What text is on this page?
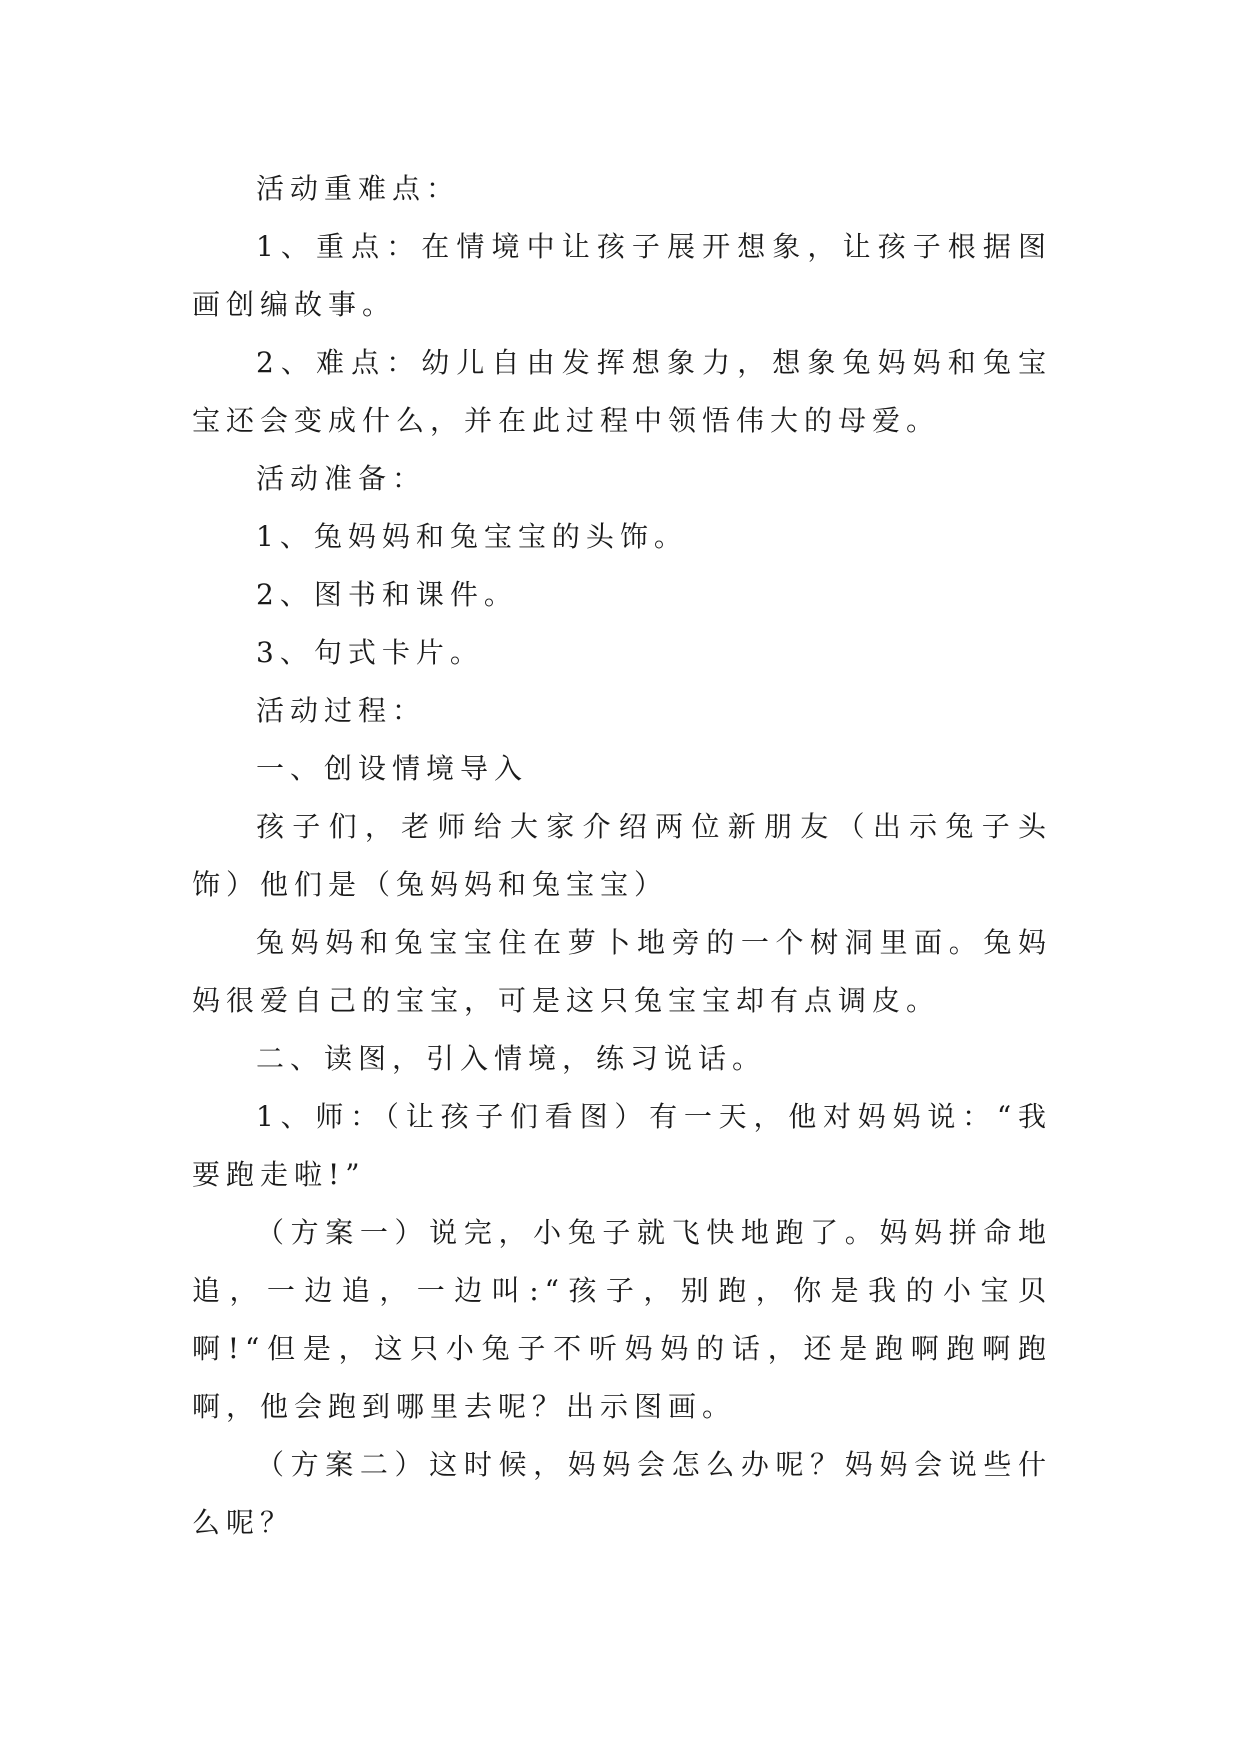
活动重难点：

1、重点：在情境中让孩子展开想象，让孩子根据图画创编故事。

2、难点：幼儿自由发挥想象力，想象兔妈妈和兔宝宝还会变成什么，并在此过程中领悟伟大的母爱。

活动准备：

1、兔妈妈和兔宝宝的头饰。

2、图书和课件。

3、句式卡片。

活动过程：

一、创设情境导入

孩子们，老师给大家介绍两位新朋友（出示兔子头饰）他们是（兔妈妈和兔宝宝）

兔妈妈和兔宝宝住在萝卜地旁的一个树洞里面。兔妈妈很爱自己的宝宝，可是这只兔宝宝却有点调皮。

二、读图，引入情境，练习说话。

1、师：（让孩子们看图）有一天，他对妈妈说：“我要跑走啦!”

（方案一）说完，小兔子就飞快地跑了。妈妈拼命地追，一边追，一边叫:“孩子，别跑，你是我的小宝贝啊!“但是，这只小兔子不听妈妈的话，还是跑啊跑啊跑啊，他会跑到哪里去呢？出示图画。

（方案二）这时候，妈妈会怎么办呢？妈妈会说些什么呢？
